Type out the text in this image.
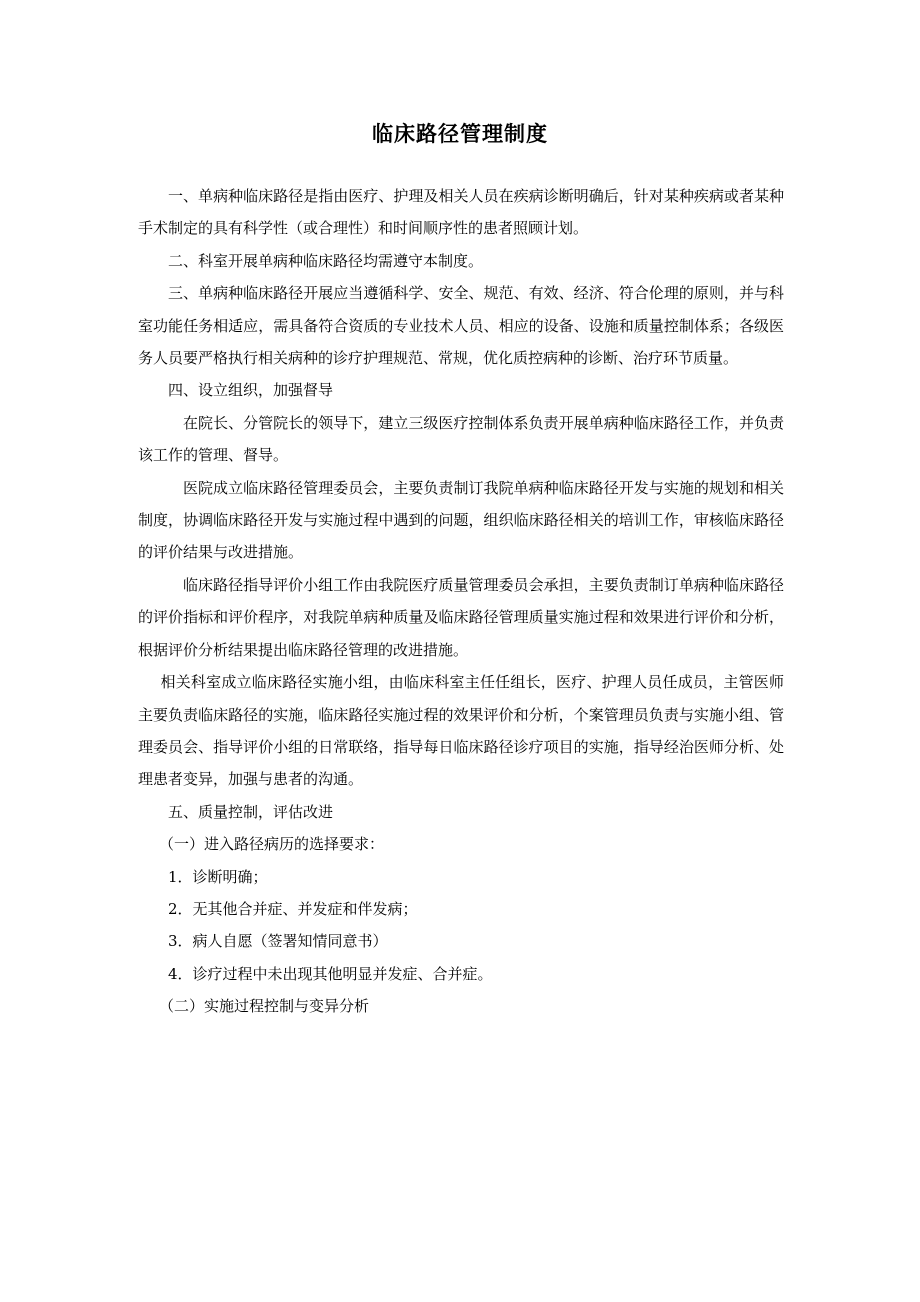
临床路径管理制度

一、单病种临床路径是指由医疗、护理及相关人员在疾病诊断明确后，针对某种疾病或者某种手术制定的具有科学性（或合理性）和时间顺序性的患者照顾计划。

二、科室开展单病种临床路径均需遵守本制度。

三、单病种临床路径开展应当遵循科学、安全、规范、有效、经济、符合伦理的原则，并与科室功能任务相适应，需具备符合资质的专业技术人员、相应的设备、设施和质量控制体系；各级医务人员要严格执行相关病种的诊疗护理规范、常规，优化质控病种的诊断、治疗环节质量。

四、设立组织，加强督导

在院长、分管院长的领导下，建立三级医疗控制体系负责开展单病种临床路径工作，并负责该工作的管理、督导。

医院成立临床路径管理委员会，主要负责制订我院单病种临床路径开发与实施的规划和相关制度，协调临床路径开发与实施过程中遇到的问题，组织临床路径相关的培训工作，审核临床路径的评价结果与改进措施。

临床路径指导评价小组工作由我院医疗质量管理委员会承担，主要负责制订单病种临床路径的评价指标和评价程序，对我院单病种质量及临床路径管理质量实施过程和效果进行评价和分析，根据评价分析结果提出临床路径管理的改进措施。

相关科室成立临床路径实施小组，由临床科室主任任组长，医疗、护理人员任成员，主管医师主要负责临床路径的实施，临床路径实施过程的效果评价和分析，个案管理员负责与实施小组、管理委员会、指导评价小组的日常联络，指导每日临床路径诊疗项目的实施，指导经治医师分析、处理患者变异，加强与患者的沟通。

五、质量控制，评估改进

（一）进入路径病历的选择要求：

1．诊断明确；

2．无其他合并症、并发症和伴发病；

3．病人自愿（签署知情同意书）

4．诊疗过程中未出现其他明显并发症、合并症。

（二）实施过程控制与变异分析
